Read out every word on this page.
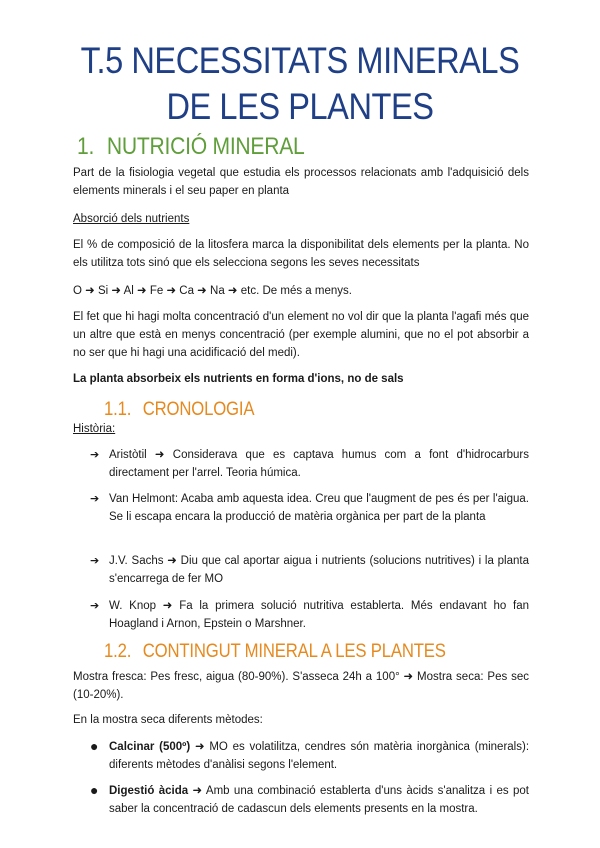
T.5 NECESSITATS MINERALS DE LES PLANTES
1. NUTRICIÓ MINERAL
Part de la fisiologia vegetal que estudia els processos relacionats amb l'adquisició dels elements minerals i el seu paper en planta
Absorció dels nutrients
El % de composició de la litosfera marca la disponibilitat dels elements per la planta. No els utilitza tots sinó que els selecciona segons les seves necessitats
O ➜ Si ➜ Al ➜ Fe ➜ Ca ➜ Na ➜ etc. De més a menys.
El fet que hi hagi molta concentració d'un element no vol dir que la planta l'agafi més que un altre que està en menys concentració (per exemple alumini, que no el pot absorbir a no ser que hi hagi una acidificació del medi).
La planta absorbeix els nutrients en forma d'ions, no de sals
1.1. CRONOLOGIA
Història:
➔ Aristòtil ➜ Considerava que es captava humus com a font d'hidrocarburs directament per l'arrel. Teoria húmica.
➔ Van Helmont: Acaba amb aquesta idea. Creu que l'augment de pes és per l'aigua. Se li escapa encara la producció de matèria orgànica per part de la planta
➔ J.V. Sachs ➜ Diu que cal aportar aigua i nutrients (solucions nutritives) i la planta s'encarrega de fer MO
➔ W. Knop ➜ Fa la primera solució nutritiva establerta. Més endavant ho fan Hoagland i Arnon, Epstein o Marshner.
1.2. CONTINGUT MINERAL A LES PLANTES
Mostra fresca: Pes fresc, aigua (80-90%). S'asseca 24h a 100° ➜ Mostra seca: Pes sec (10-20%).
En la mostra seca diferents mètodes:
● Calcinar (500º) ➜ MO es volatilitza, cendres són matèria inorgànica (minerals): diferents mètodes d'anàlisi segons l'element.
● Digestió àcida ➜ Amb una combinació establerta d'uns àcids s'analitza i es pot saber la concentració de cadascun dels elements presents en la mostra.
